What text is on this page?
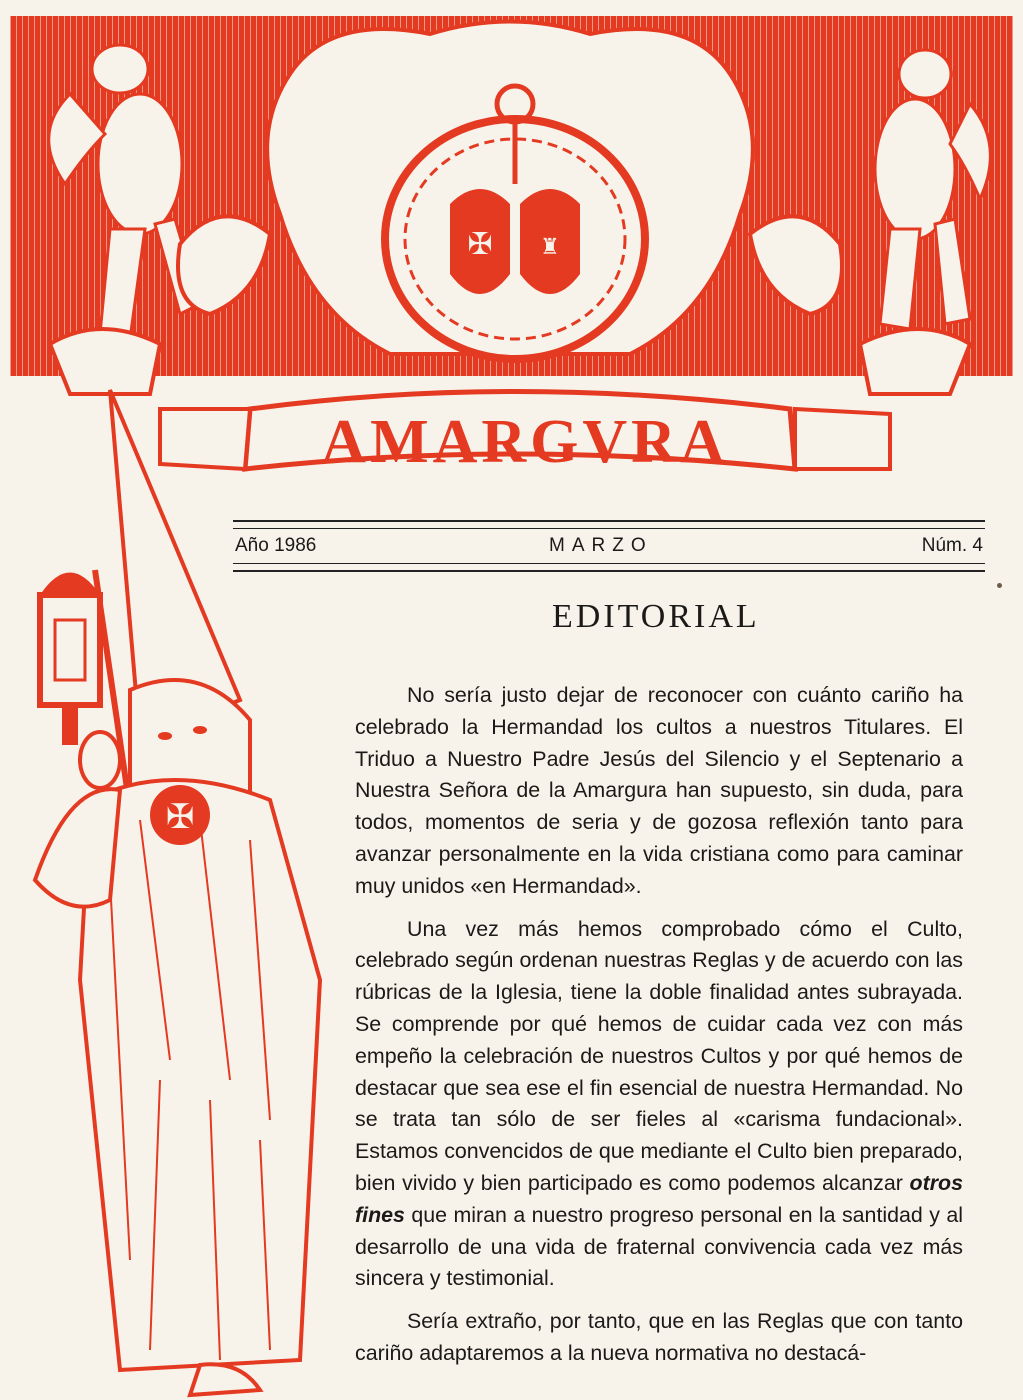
✠ ♜
AMARGVRA
Año 1986	MARZO	Núm. 4
✠
EDITORIAL

No sería justo dejar de reconocer con cuánto cariño ha celebrado la Hermandad los cultos a nuestros Titulares. El Triduo a Nuestro Padre Jesús del Silencio y el Septenario a Nuestra Señora de la Amargura han supuesto, sin duda, para todos, momentos de seria y de gozosa reflexión tanto para avanzar personalmente en la vida cristiana como para caminar muy unidos «en Hermandad».

Una vez más hemos comprobado cómo el Culto, celebrado según ordenan nuestras Reglas y de acuerdo con las rúbricas de la Iglesia, tiene la doble finalidad antes subrayada. Se comprende por qué hemos de cuidar cada vez con más empeño la celebración de nuestros Cultos y por qué hemos de destacar que sea ese el fin esencial de nuestra Hermandad. No se trata tan sólo de ser fieles al «carisma fundacional». Estamos convencidos de que mediante el Culto bien preparado, bien vivido y bien participado es como podemos alcanzar otros fines que miran a nuestro progreso personal en la santidad y al desarrollo de una vida de fraternal convivencia cada vez más sincera y testimonial.

Sería extraño, por tanto, que en las Reglas que con tanto cariño adaptaremos a la nueva normativa no destacá-
